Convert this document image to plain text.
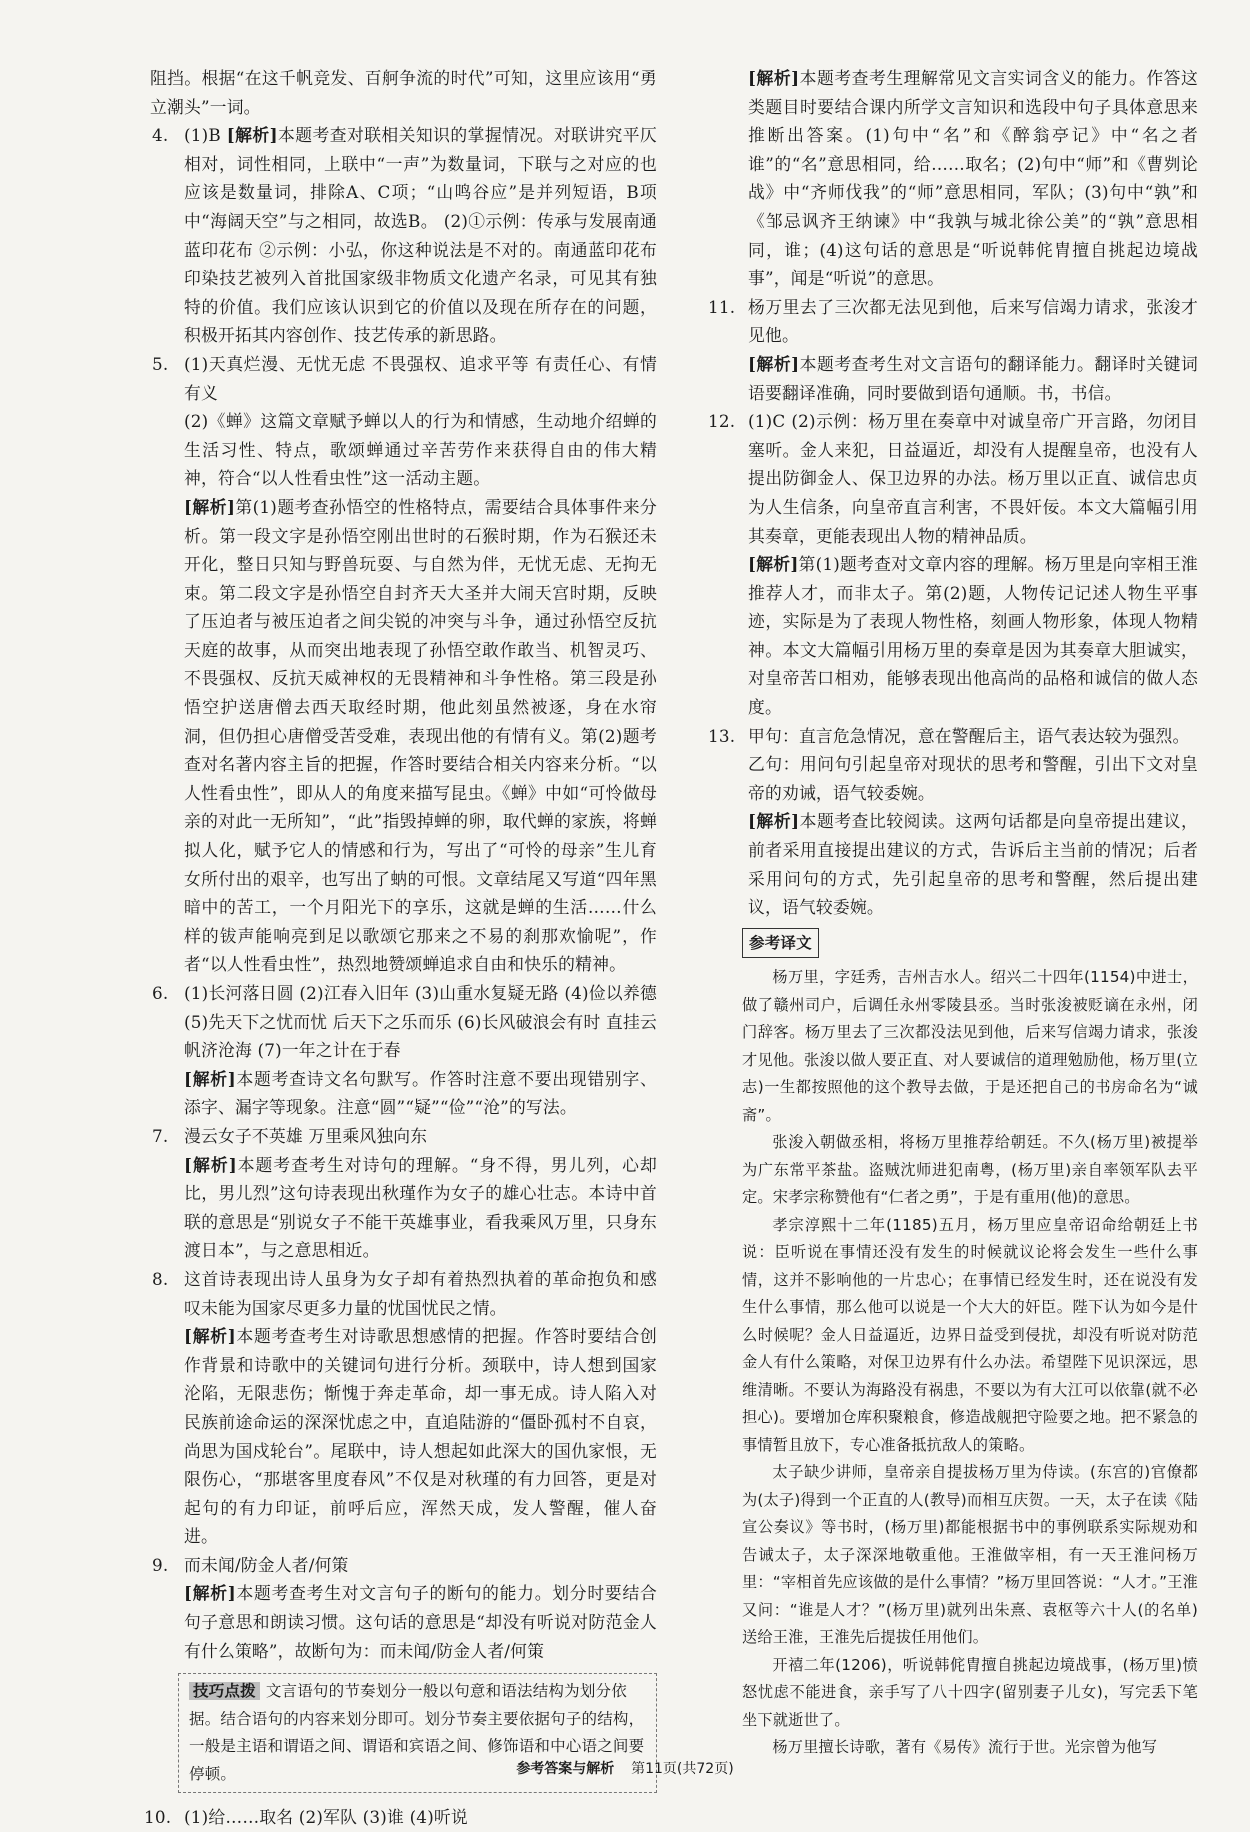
阻挡。根据“在这千帆竞发、百舸争流的时代”可知，这里应该用“勇立潮头”一词。

4. (1)B [ 解析 ] 本题考查对联相关知识的掌握情况。对联讲究平仄相对，词性相同，上联中“一声”为数量词，下联与之对应的也应该是数量词，排除A、C项；“山鸣谷应”是并列短语，B项中“海阔天空”与之相同，故选B。 (2)①示例：传承与发展南通蓝印花布 ②示例：小弘，你这种说法是不对的。南通蓝印花布印染技艺被列入首批国家级非物质文化遗产名录，可见其有独特的价值。我们应该认识到它的价值以及现在所存在的问题，积极开拓其内容创作、技艺传承的新思路。
5. (1)天真烂漫、无忧无虑 不畏强权、追求平等 有责任心、有情有义
(2)《蝉》这篇文章赋予蝉以人的行为和情感，生动地介绍蝉的生活习性、特点，歌颂蝉通过辛苦劳作来获得自由的伟大精神，符合“以人性看虫性”这一活动主题。
[ 解析 ] 第(1)题考查孙悟空的性格特点，需要结合具体事件来分析。第一段文字是孙悟空刚出世时的石猴时期，作为石猴还未开化，整日只知与野兽玩耍、与自然为伴，无忧无虑、无拘无束。第二段文字是孙悟空自封齐天大圣并大闹天宫时期，反映了压迫者与被压迫者之间尖锐的冲突与斗争，通过孙悟空反抗天庭的故事，从而突出地表现了孙悟空敢作敢当、机智灵巧、不畏强权、反抗天威神权的无畏精神和斗争性格。第三段是孙悟空护送唐僧去西天取经时期，他此刻虽然被逐，身在水帘洞，但仍担心唐僧受苦受难，表现出他的有情有义。第(2)题考查对名著内容主旨的把握，作答时要结合相关内容来分析。“以人性看虫性”，即从人的角度来描写昆虫。《蝉》中如“可怜做母亲的对此一无所知”，“此”指毁掉蝉的卵，取代蝉的家族，将蝉拟人化，赋予它人的情感和行为，写出了“可怜的母亲”生儿育女所付出的艰辛，也写出了蚋的可恨。文章结尾又写道“四年黑暗中的苦工，一个月阳光下的享乐，这就是蝉的生活……什么样的钹声能响亮到足以歌颂它那来之不易的刹那欢愉呢”，作者“以人性看虫性”，热烈地赞颂蝉追求自由和快乐的精神。
6. (1)长河落日圆 (2)江春入旧年 (3)山重水复疑无路 (4)俭以养德 (5)先天下之忧而忧 后天下之乐而乐 (6)长风破浪会有时 直挂云帆济沧海 (7)一年之计在于春
[ 解析 ] 本题考查诗文名句默写。作答时注意不要出现错别字、添字、漏字等现象。注意“圆”“疑”“俭”“沧”的写法。
7. 漫云女子不英雄 万里乘风独向东
[ 解析 ] 本题考查考生对诗句的理解。“身不得，男儿列，心却比，男儿烈”这句诗表现出秋瑾作为女子的雄心壮志。本诗中首联的意思是“别说女子不能干英雄事业，看我乘风万里，只身东渡日本”，与之意思相近。
8. 这首诗表现出诗人虽身为女子却有着热烈执着的革命抱负和感叹未能为国家尽更多力量的忧国忧民之情。
[ 解析 ] 本题考查考生对诗歌思想感情的把握。作答时要结合创作背景和诗歌中的关键词句进行分析。颈联中，诗人想到国家沦陷，无限悲伤；惭愧于奔走革命，却一事无成。诗人陷入对民族前途命运的深深忧虑之中，直追陆游的“僵卧孤村不自哀，尚思为国戍轮台”。尾联中，诗人想起如此深大的国仇家恨，无限伤心，“那堪客里度春风”不仅是对秋瑾的有力回答，更是对起句的有力印证，前呼后应，浑然天成，发人警醒，催人奋进。
9. 而未闻/防金人者/何策
[ 解析 ] 本题考查考生对文言句子的断句的能力。划分时要结合句子意思和朗读习惯。这句话的意思是“却没有听说对防范金人有什么策略”，故断句为：而未闻/防金人者/何策
技巧点拨 文言语句的节奏划分一般以句意和语法结构为划分依据。结合语句的内容来划分即可。划分节奏主要依据句子的结构，一般是主语和谓语之间、谓语和宾语之间、修饰语和中心语之间要停顿。
10. (1)给……取名 (2)军队 (3)谁 (4)听说
[ 解析 ] 本题考查考生理解常见文言实词含义的能力。作答这类题目时要结合课内所学文言知识和选段中句子具体意思来推断出答案。(1)句中“名”和《醉翁亭记》中“名之者谁”的“名”意思相同，给……取名；(2)句中“师”和《曹刿论战》中“齐师伐我”的“师”意思相同，军队；(3)句中“孰”和《邹忌讽齐王纳谏》中“我孰与城北徐公美”的“孰”意思相同，谁；(4)这句话的意思是“听说韩侂胄擅自挑起边境战事”，闻是“听说”的意思。
11. 杨万里去了三次都无法见到他，后来写信竭力请求，张浚才见他。
[ 解析 ] 本题考查考生对文言语句的翻译能力。翻译时关键词语要翻译准确，同时要做到语句通顺。书，书信。
12. (1)C (2)示例：杨万里在奏章中对诚皇帝广开言路，勿闭目塞听。金人来犯，日益逼近，却没有人提醒皇帝，也没有人提出防御金人、保卫边界的办法。杨万里以正直、诚信忠贞为人生信条，向皇帝直言利害，不畏奸佞。本文大篇幅引用其奏章，更能表现出人物的精神品质。
[ 解析 ] 第(1)题考查对文章内容的理解。杨万里是向宰相王淮推荐人才，而非太子。第(2)题，人物传记记述人物生平事迹，实际是为了表现人物性格，刻画人物形象，体现人物精神。本文大篇幅引用杨万里的奏章是因为其奏章大胆诚实，对皇帝苦口相劝，能够表现出他高尚的品格和诚信的做人态度。
13. 甲句：直言危急情况，意在警醒后主，语气表达较为强烈。
乙句：用问句引起皇帝对现状的思考和警醒，引出下文对皇帝的劝诫，语气较委婉。
[ 解析 ] 本题考查比较阅读。这两句话都是向皇帝提出建议，前者采用直接提出建议的方式，告诉后主当前的情况；后者采用问句的方式，先引起皇帝的思考和警醒，然后提出建议，语气较委婉。
参考译文

杨万里，字廷秀，吉州吉水人。绍兴二十四年(1154)中进士，做了赣州司户，后调任永州零陵县丞。当时张浚被贬谪在永州，闭门辞客。杨万里去了三次都没法见到他，后来写信竭力请求，张浚才见他。张浚以做人要正直、对人要诚信的道理勉励他，杨万里(立志)一生都按照他的这个教导去做，于是还把自己的书房命名为“诚斋”。

张浚入朝做丞相，将杨万里推荐给朝廷。不久(杨万里)被提举为广东常平茶盐。盗贼沈师进犯南粤，(杨万里)亲自率领军队去平定。宋孝宗称赞他有“仁者之勇”，于是有重用(他)的意思。

孝宗淳熙十二年(1185)五月，杨万里应皇帝诏命给朝廷上书说：臣听说在事情还没有发生的时候就议论将会发生一些什么事情，这并不影响他的一片忠心；在事情已经发生时，还在说没有发生什么事情，那么他可以说是一个大大的奸臣。陛下认为如今是什么时候呢？金人日益逼近，边界日益受到侵扰，却没有听说对防范金人有什么策略，对保卫边界有什么办法。希望陛下见识深远，思维清晰。不要认为海路没有祸患，不要以为有大江可以依靠(就不必担心)。要增加仓库积聚粮食，修造战舰把守险要之地。把不紧急的事情暂且放下，专心准备抵抗敌人的策略。

太子缺少讲师，皇帝亲自提拔杨万里为侍读。(东宫的)官僚都为(太子)得到一个正直的人(教导)而相互庆贺。一天，太子在读《陆宣公奏议》等书时，(杨万里)都能根据书中的事例联系实际规劝和告诫太子，太子深深地敬重他。王淮做宰相，有一天王淮问杨万里：“宰相首先应该做的是什么事情？”杨万里回答说：“人才。”王淮又问：“谁是人才？”(杨万里)就列出朱熹、袁枢等六十人(的名单)送给王淮，王淮先后提拔任用他们。

开禧二年(1206)，听说韩侂胄擅自挑起边境战事，(杨万里)愤怒忧虑不能进食，亲手写了八十四字(留别妻子儿女)，写完丢下笔坐下就逝世了。

杨万里擅长诗歌，著有《易传》流行于世。光宗曾为他写

参考答案与解析 第11页(共72页)
